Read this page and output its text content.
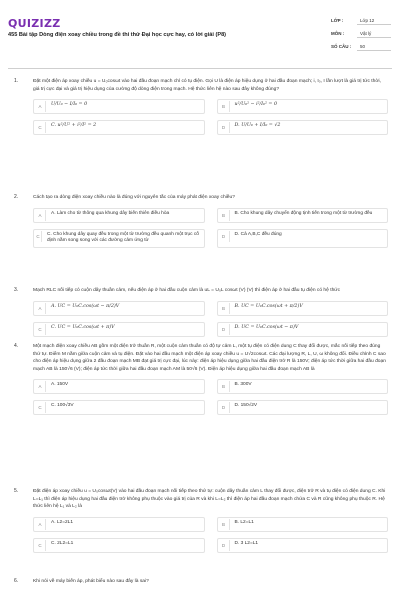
QUIZIZZ
455 Bài tập Dòng điện xoay chiều trong đề thi thử Đại học cực hay, có lời giải (P8)
LỚP :	Lớp 12
MÔN :	Vật lý
SỐ CÂU :	50
1.	Đặt một điện áp xoay chiều u = U₀cosωt vào hai đầu đoạn mạch chỉ có tụ điện. Gọi U là điện áp hiệu dụng ở hai đầu đoạn mạch; i, I₀, I lần lượt là giá trị tức thời, giá trị cực đại và giá trị hiệu dụng của cường độ dòng điện trong mạch. Hệ thức liên hệ nào sau đây không đúng?
A	U/U₀ − I/I₀ = 0	B	u²/U₀² − i²/I₀² = 0
C	C. u²/U² + i²/I² = 2	D	D. U/U₀ + I/I₀ = √2
2.	Cách tạo ra dòng điện xoay chiều nào là đúng với nguyên tắc của máy phát điện xoay chiều?
A	A. Làm cho từ thông qua khung dây biến thiên điều hòa	B	B. Cho khung dây chuyển động tịnh tiến trong một từ trường đều
C	C. Cho khung dây quay đều trong một từ trường đều quanh một trục cố định nằm song song với các đường cảm ứng từ
D	D. Cả A,B,C đều đúng
3.	Mạch RLC nối tiếp có cuộn dây thuần cảm, nếu điện áp ở hai đầu cuộn cảm là uL = U₀L cosωt (V) (V) thì điện áp ở hai đầu tụ điện có hệ thức
A	A. UC = U₀C.cos(ωt − π/2)V	B	B. UC = U₀C.cos(ωt + π/2)V
C	C. UC = U₀C.cos(ωt + π)V	D	D. UC = U₀C.cos(ωt − π)V
4.	Một mạch điện xoay chiều AB gồm một điện trở thuần R, một cuộn cảm thuần có độ tự cảm L, một tụ điện có điện dung C thay đổi được, mắc nối tiếp theo đúng thứ tự. Điểm M nằm giữa cuộn cảm và tụ điện. Đặt vào hai đầu mạch một điện áp xoay chiều u = U√2cosωt. Các đại lượng R, L, U, ω không đổi. Điều chỉnh C sao cho điện áp hiệu dụng giữa 2 đầu đoạn mạch MB đạt giá trị cực đại, lúc này: điện áp hiệu dụng giữa hai đầu điện trở R là 150V; điện áp tức thời giữa hai đầu đoạn mạch AB là 150√6 (V); điện áp tức thời giữa hai đầu đoạn mạch AM là 50√6 (V). Điện áp hiệu dụng giữa hai đầu đoạn mạch AB là
A	A. 150V	B	B. 300V
C	C. 100√3V	D	D. 150√2V
5.	Đặt điện áp xoay chiều u = U₀cosωt(V) vào hai đầu đoạn mạch nối tiếp theo thứ tự: cuộn dây thuần cảm L thay đổi được, điện trở R và tụ điện có điện dung C. Khi L=L₁ thì điện áp hiệu dụng hai đầu điện trở không phụ thuộc vào giá trị của R và khi L=L₂ thì điện áp hai đầu đoạn mạch chứa C và R cũng không phụ thuộc R. Hệ thức liên hệ L₁ và L₂ là
A	A. L2=2L1	B	B. L2=L1
C	C. 2L2=L1	D	D. 3 L2=L1
6.	Khi nói về máy biến áp, phát biểu nào sau đây là sai?
